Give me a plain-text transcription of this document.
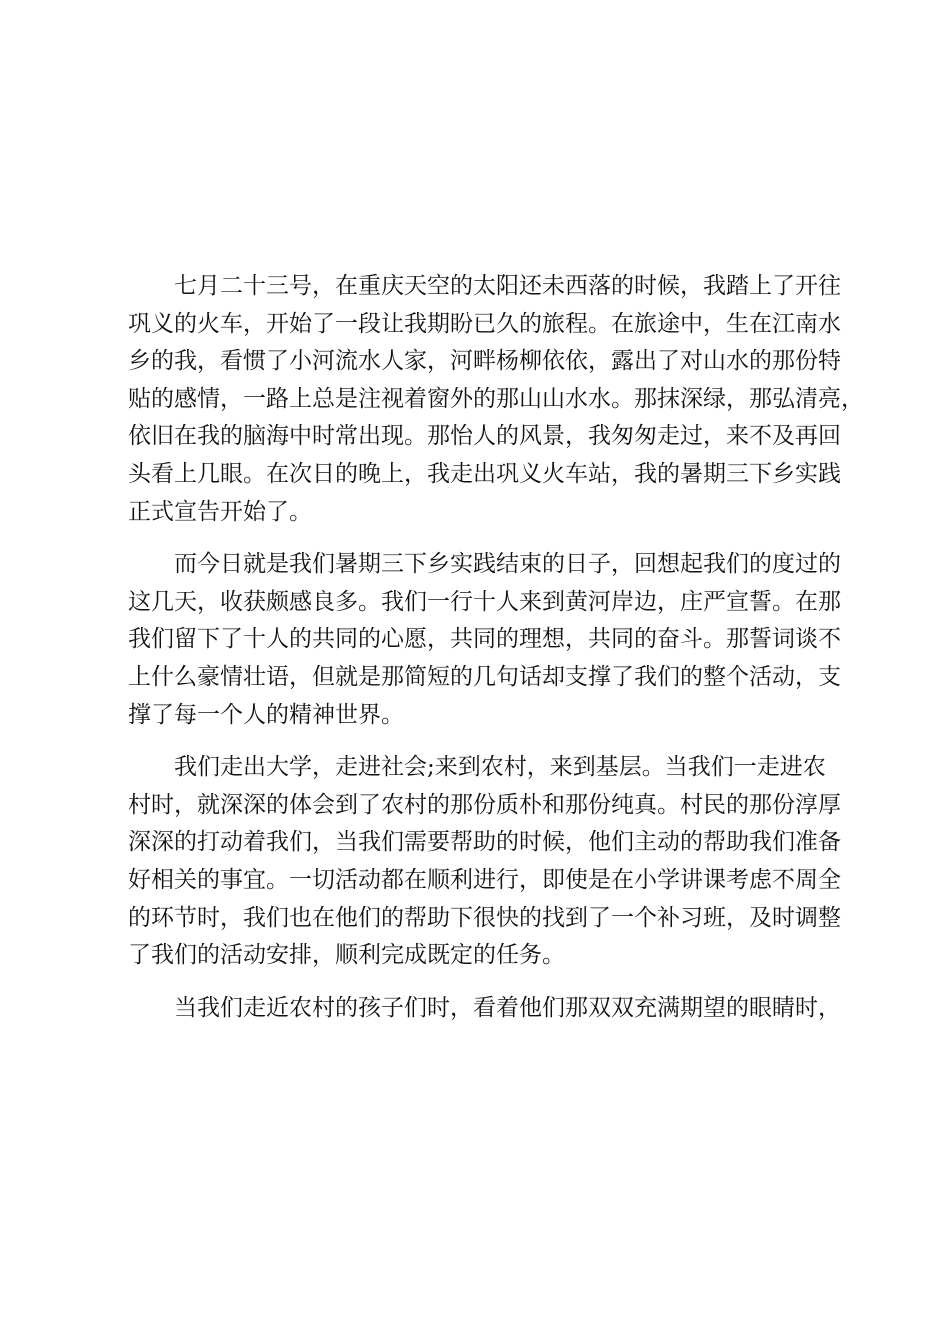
　　七月二十三号，在重庆天空的太阳还未西落的时候，我踏上了开往

巩义的火车，开始了一段让我期盼已久的旅程。在旅途中，生在江南水

乡的我，看惯了小河流水人家，河畔杨柳依依，露出了对山水的那份特

贴的感情，一路上总是注视着窗外的那山山水水。那抹深绿，那弘清亮，

依旧在我的脑海中时常出现。那怡人的风景，我匆匆走过，来不及再回

头看上几眼。在次日的晚上，我走出巩义火车站，我的暑期三下乡实践

正式宣告开始了。

　　而今日就是我们暑期三下乡实践结束的日子，回想起我们的度过的

这几天，收获颇感良多。我们一行十人来到黄河岸边，庄严宣誓。在那

我们留下了十人的共同的心愿，共同的理想，共同的奋斗。那誓词谈不

上什么豪情壮语，但就是那简短的几句话却支撑了我们的整个活动，支

撑了每一个人的精神世界。

　　我们走出大学，走进社会;来到农村，来到基层。当我们一走进农

村时，就深深的体会到了农村的那份质朴和那份纯真。村民的那份淳厚

深深的打动着我们，当我们需要帮助的时候，他们主动的帮助我们准备

好相关的事宜。一切活动都在顺利进行，即使是在小学讲课考虑不周全

的环节时，我们也在他们的帮助下很快的找到了一个补习班，及时调整

了我们的活动安排，顺利完成既定的任务。

　　当我们走近农村的孩子们时，看着他们那双双充满期望的眼睛时，
